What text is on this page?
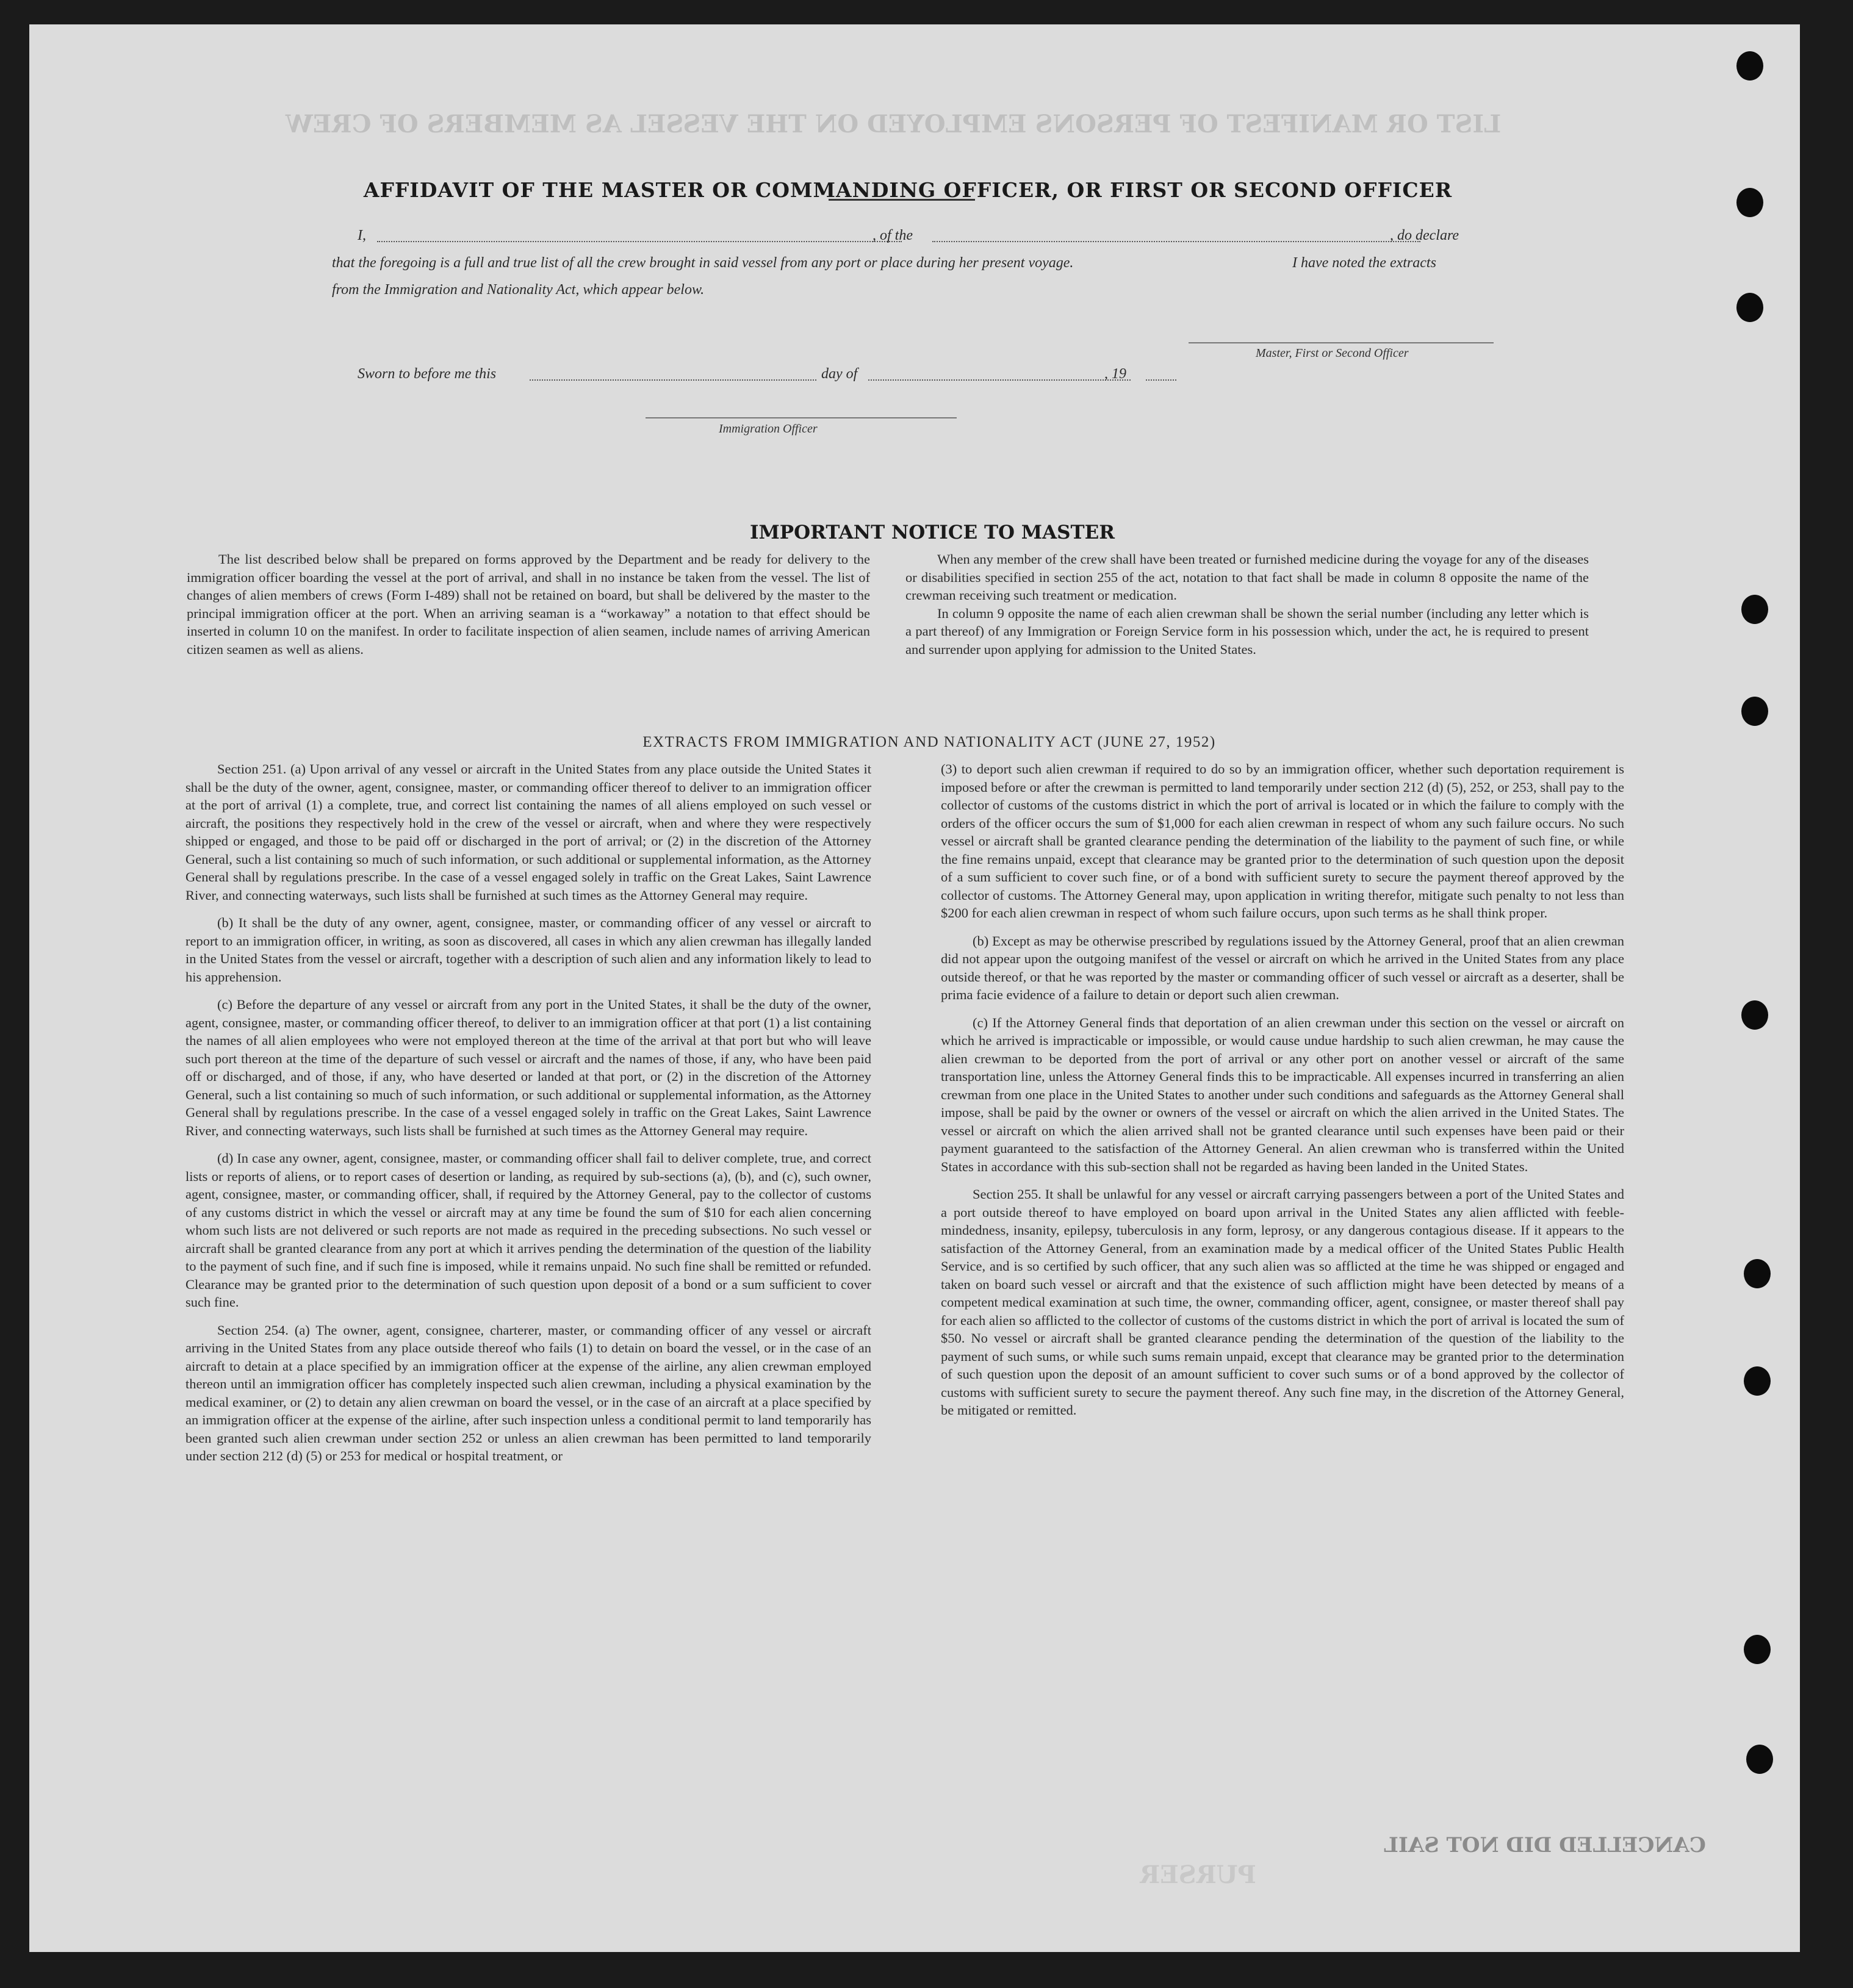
LIST OR MANIFEST OF PERSONS EMPLOYED ON THE VESSEL AS MEMBERS OF CREW
CANCELLED DID NOT SAIL
PURSER
AFFIDAVIT OF THE MASTER OR COMMANDING OFFICER, OR FIRST OR SECOND OFFICER
I,	, of the	, do declare
that the foregoing is a full and true list of all the crew brought in said vessel from any port or place during her present voyage.	I have noted the extracts
from the Immigration and Nationality Act, which appear below.
Master, First or Second Officer
Sworn to before me this	day of	, 19
Immigration Officer
IMPORTANT NOTICE TO MASTER

The list described below shall be prepared on forms approved by the Department and be ready for delivery to the immigration officer boarding the vessel at the port of arrival, and shall in no instance be taken from the vessel. The list of changes of alien members of crews (Form I-489) shall not be retained on board, but shall be delivered by the master to the principal immigration officer at the port. When an arriving seaman is a “workaway” a notation to that effect should be inserted in column 10 on the manifest. In order to facilitate inspection of alien seamen, include names of arriving American citizen seamen as well as aliens.

When any member of the crew shall have been treated or furnished medicine during the voyage for any of the diseases or disabilities specified in section 255 of the act, notation to that fact shall be made in column 8 opposite the name of the crewman receiving such treatment or medication.

In column 9 opposite the name of each alien crewman shall be shown the serial number (including any letter which is a part thereof) of any Immigration or Foreign Service form in his possession which, under the act, he is required to present and surrender upon applying for admission to the United States.

EXTRACTS FROM IMMIGRATION AND NATIONALITY ACT (JUNE 27, 1952)

Section 251. (a) Upon arrival of any vessel or aircraft in the United States from any place outside the United States it shall be the duty of the owner, agent, consignee, master, or commanding officer thereof to deliver to an immigration officer at the port of arrival (1) a complete, true, and correct list containing the names of all aliens employed on such vessel or aircraft, the positions they respectively hold in the crew of the vessel or aircraft, when and where they were respectively shipped or engaged, and those to be paid off or discharged in the port of arrival; or (2) in the discretion of the Attorney General, such a list containing so much of such information, or such additional or supplemental information, as the Attorney General shall by regulations prescribe. In the case of a vessel engaged solely in traffic on the Great Lakes, Saint Lawrence River, and connecting waterways, such lists shall be furnished at such times as the Attorney General may require.

(b) It shall be the duty of any owner, agent, consignee, master, or commanding officer of any vessel or aircraft to report to an immigration officer, in writing, as soon as discovered, all cases in which any alien crewman has illegally landed in the United States from the vessel or aircraft, together with a description of such alien and any information likely to lead to his apprehension.

(c) Before the departure of any vessel or aircraft from any port in the United States, it shall be the duty of the owner, agent, consignee, master, or commanding officer thereof, to deliver to an immigration officer at that port (1) a list containing the names of all alien employees who were not employed thereon at the time of the arrival at that port but who will leave such port thereon at the time of the departure of such vessel or aircraft and the names of those, if any, who have been paid off or discharged, and of those, if any, who have deserted or landed at that port, or (2) in the discretion of the Attorney General, such a list containing so much of such information, or such additional or supplemental information, as the Attorney General shall by regulations prescribe. In the case of a vessel engaged solely in traffic on the Great Lakes, Saint Lawrence River, and connecting waterways, such lists shall be furnished at such times as the Attorney General may require.

(d) In case any owner, agent, consignee, master, or commanding officer shall fail to deliver complete, true, and correct lists or reports of aliens, or to report cases of desertion or landing, as required by sub-sections (a), (b), and (c), such owner, agent, consignee, master, or commanding officer, shall, if required by the Attorney General, pay to the collector of customs of any customs district in which the vessel or aircraft may at any time be found the sum of $10 for each alien concerning whom such lists are not delivered or such reports are not made as required in the preceding subsections. No such vessel or aircraft shall be granted clearance from any port at which it arrives pending the determination of the question of the liability to the payment of such fine, and if such fine is imposed, while it remains unpaid. No such fine shall be remitted or refunded. Clearance may be granted prior to the determination of such question upon deposit of a bond or a sum sufficient to cover such fine.

Section 254. (a) The owner, agent, consignee, charterer, master, or commanding officer of any vessel or aircraft arriving in the United States from any place outside thereof who fails (1) to detain on board the vessel, or in the case of an aircraft to detain at a place specified by an immigration officer at the expense of the airline, any alien crewman employed thereon until an immigration officer has completely inspected such alien crewman, including a physical examination by the medical examiner, or (2) to detain any alien crewman on board the vessel, or in the case of an aircraft at a place specified by an immigration officer at the expense of the airline, after such inspection unless a conditional permit to land temporarily has been granted such alien crewman under section 252 or unless an alien crewman has been permitted to land temporarily under section 212 (d) (5) or 253 for medical or hospital treatment, or

(3) to deport such alien crewman if required to do so by an immigration officer, whether such deportation requirement is imposed before or after the crewman is permitted to land temporarily under section 212 (d) (5), 252, or 253, shall pay to the collector of customs of the customs district in which the port of arrival is located or in which the failure to comply with the orders of the officer occurs the sum of $1,000 for each alien crewman in respect of whom any such failure occurs. No such vessel or aircraft shall be granted clearance pending the determination of the liability to the payment of such fine, or while the fine remains unpaid, except that clearance may be granted prior to the determination of such question upon the deposit of a sum sufficient to cover such fine, or of a bond with sufficient surety to secure the payment thereof approved by the collector of customs. The Attorney General may, upon application in writing therefor, mitigate such penalty to not less than $200 for each alien crewman in respect of whom such failure occurs, upon such terms as he shall think proper.

(b) Except as may be otherwise prescribed by regulations issued by the Attorney General, proof that an alien crewman did not appear upon the outgoing manifest of the vessel or aircraft on which he arrived in the United States from any place outside thereof, or that he was reported by the master or commanding officer of such vessel or aircraft as a deserter, shall be prima facie evidence of a failure to detain or deport such alien crewman.

(c) If the Attorney General finds that deportation of an alien crewman under this section on the vessel or aircraft on which he arrived is impracticable or impossible, or would cause undue hardship to such alien crewman, he may cause the alien crewman to be deported from the port of arrival or any other port on another vessel or aircraft of the same transportation line, unless the Attorney General finds this to be impracticable. All expenses incurred in transferring an alien crewman from one place in the United States to another under such conditions and safeguards as the Attorney General shall impose, shall be paid by the owner or owners of the vessel or aircraft on which the alien arrived in the United States. The vessel or aircraft on which the alien arrived shall not be granted clearance until such expenses have been paid or their payment guaranteed to the satisfaction of the Attorney General. An alien crewman who is transferred within the United States in accordance with this sub-section shall not be regarded as having been landed in the United States.

Section 255. It shall be unlawful for any vessel or aircraft carrying passengers between a port of the United States and a port outside thereof to have employed on board upon arrival in the United States any alien afflicted with feeble-mindedness, insanity, epilepsy, tuberculosis in any form, leprosy, or any dangerous contagious disease. If it appears to the satisfaction of the Attorney General, from an examination made by a medical officer of the United States Public Health Service, and is so certified by such officer, that any such alien was so afflicted at the time he was shipped or engaged and taken on board such vessel or aircraft and that the existence of such affliction might have been detected by means of a competent medical examination at such time, the owner, commanding officer, agent, consignee, or master thereof shall pay for each alien so afflicted to the collector of customs of the customs district in which the port of arrival is located the sum of $50. No vessel or aircraft shall be granted clearance pending the determination of the question of the liability to the payment of such sums, or while such sums remain unpaid, except that clearance may be granted prior to the determination of such question upon the deposit of an amount sufficient to cover such sums or of a bond approved by the collector of customs with sufficient surety to secure the payment thereof. Any such fine may, in the discretion of the Attorney General, be mitigated or remitted.
